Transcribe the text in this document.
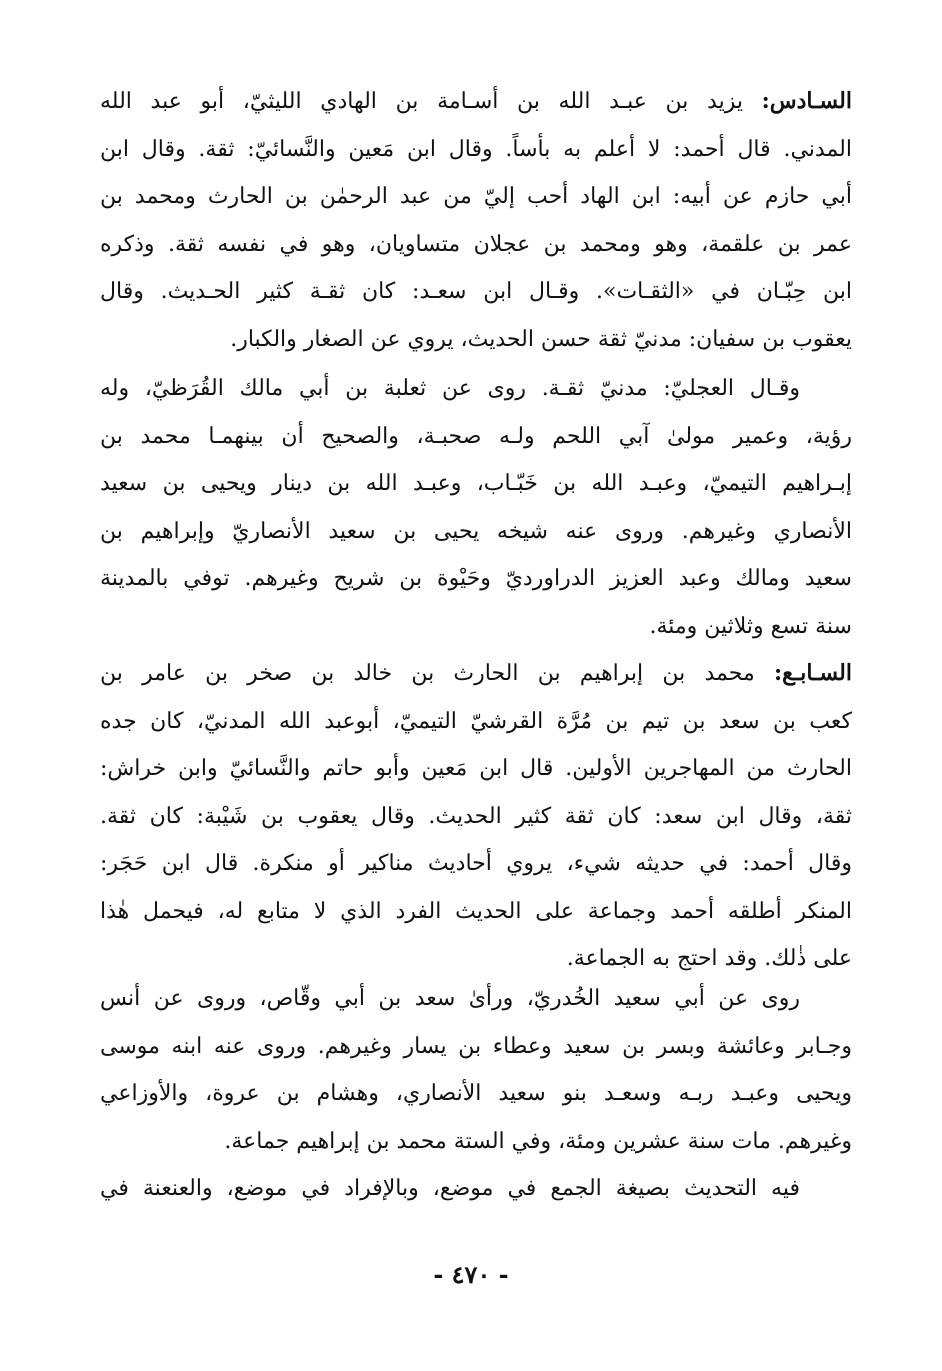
السـادس: يزيد بن عبـد الله بن أسـامة بن الهادي الليثيّ، أبو عبد الله
المدني. قال أحمد: لا أعلم به بأساً. وقال ابن مَعين والنَّسائيّ: ثقة. وقال ابن
أبي حازم عن أبيه: ابن الهاد أحب إليّ من عبد الرحمٰن بن الحارث ومحمد بن
عمر بن علقمة، وهو ومحمد بن عجلان متساويان، وهو في نفسه ثقة. وذكره
ابن حِبّـان في «الثقـات». وقـال ابن سعـد: كان ثقـة كثير الحـديث. وقال
يعقوب بن سفيان: مدنيّ ثقة حسن الحديث، يروي عن الصغار والكبار.
وقـال العجليّ: مدنيّ ثقـة. روى عن ثعلبة بن أبي مالك القُرَظيّ، وله
رؤية، وعمير مولىٰ آبي اللحم ولـه صحبـة، والصحيح أن بينهمـا محمد بن
إبـراهيم التيميّ، وعبـد الله بن خَبّـاب، وعبـد الله بن دينار ويحيى بن سعيد
الأنصاري وغيرهم. وروى عنه شيخه يحيى بن سعيد الأنصاريّ وإبراهيم بن
سعيد ومالك وعبد العزيز الدراورديّ وحَيْوة بن شريح وغيرهم. توفي بالمدينة
سنة تسع وثلاثين ومئة.
السـابـع: محمد بن إبراهيم بن الحارث بن خالد بن صخر بن عامر بن
كعب بن سعد بن تيم بن مُرَّة القرشيّ التيميّ، أبوعبد الله المدنيّ، كان جده
الحارث من المهاجرين الأولين. قال ابن مَعين وأبو حاتم والنَّسائيّ وابن خراش:
ثقة، وقال ابن سعد: كان ثقة كثير الحديث. وقال يعقوب بن شَيْبة: كان ثقة.
وقال أحمد: في حديثه شيء، يروي أحاديث مناكير أو منكرة. قال ابن حَجَر:
المنكر أطلقه أحمد وجماعة على الحديث الفرد الذي لا متابع له، فيحمل هٰذا
على ذٰلك. وقد احتج به الجماعة.
روى عن أبي سعيد الخُدريّ، ورأىٰ سعد بن أبي وقّاص، وروى عن أنس
وجـابر وعائشة وبسر بن سعيد وعطاء بن يسار وغيرهم. وروى عنه ابنه موسى
ويحيى وعبـد ربـه وسعـد بنو سعيد الأنصاري، وهشام بن عروة، والأوزاعي
وغيرهم. مات سنة عشرين ومئة، وفي الستة محمد بن إبراهيم جماعة.
فيه التحديث بصيغة الجمع في موضع، وبالإفراد في موضع، والعنعنة في
- ٤٧٠ -
